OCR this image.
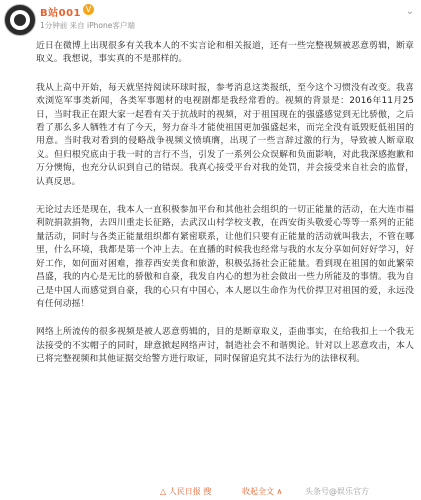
B站001 V
1分钟前 来自 iPhone客户端
⌄

近日在微博上出现很多有关我本人的不实言论和相关报道，还有一些完整视频被恶意剪辑，断章取义。我想说，事实真的不是那样的。

我从上高中开始，每天就坚持阅读环球时报，参考消息这类报纸，至今这个习惯没有改变。我喜欢浏览军事类新闻，各类军事题材的电视剧都是我经常看的。视频的背景是：2016年11月25日，当时我正在跟大家一起看有关于抗战时的视频，对于祖国现在的强盛感觉到无比骄傲，之后看了那么多人牺牲才有了今天，努力奋斗才能使祖国更加强盛起来，而完全没有诋毁贬低祖国的用意。当时我对看到的侵略战争视频义愤填膺，出现了一些言辞过激的行为，导致被人断章取义。但归根究底由于我一时的言行不当，引发了一系列公众误解和负面影响，对此我深感抱歉和万分懊悔，也充分认识到自己的错误。我真心接受平台对我的处罚，并会接受来自社会的监督，认真反思。

无论过去还是现在，我本人一直积极参加平台和其他社会组织的一切正能量的活动，在大连市福利院捐款捐物，去四川重走长征路，去武汉山村学校支教，在西安街头敬爱心等等一系列的正能量活动，同时与各类正能量组织都有紧密联系，让他们只要有正能量的活动就叫我去，不管在哪里，什么环境，我都是第一个冲上去。在直播的时候我也经常与我的水友分享如何好好学习，好好工作，如何面对困难，推荐西安美食和旅游，积极弘扬社会正能量。看到现在祖国的如此繁荣昌盛，我的内心是无比的骄傲和自豪，我发自内心的想为社会做出一些力所能及的事情。我为自己是中国人而感觉到自豪，我的心只有中国心，本人愿以生命作为代价捍卫对祖国的爱，永远没有任何动摇！

网络上所流传的很多视频是被人恶意剪辑的，目的是断章取义，歪曲事实，在给我扣上一个我无法接受的不实帽子的同时，肆意掀起网络声讨，制造社会不和谐舆论。针对以上恶意攻击，本人已将完整视频和其他证据交给警方进行取证，同时保留追究其不法行为的法律权利。

△ 人民日报 搜	收起全文 ∧	头条号@娱乐官方
